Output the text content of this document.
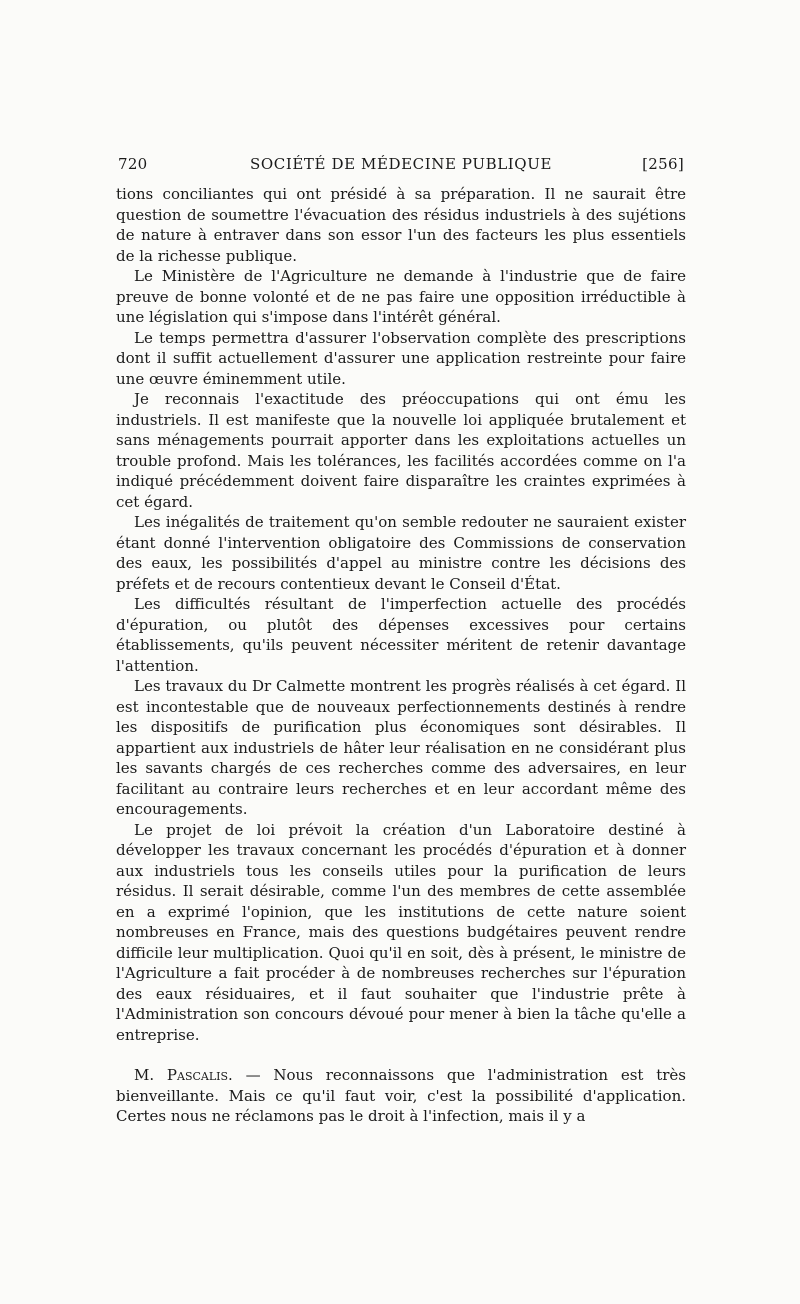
720	SOCIÉTÉ DE MÉDECINE PUBLIQUE	[256]

tions conciliantes qui ont présidé à sa préparation. Il ne saurait être question de soumettre l'évacuation des résidus industriels à des sujétions de nature à entraver dans son essor l'un des facteurs les plus essentiels de la richesse publique.

Le Ministère de l'Agriculture ne demande à l'industrie que de faire preuve de bonne volonté et de ne pas faire une opposition irréductible à une législation qui s'impose dans l'intérêt général.

Le temps permettra d'assurer l'observation complète des prescriptions dont il suffit actuellement d'assurer une application restreinte pour faire une œuvre éminemment utile.

Je reconnais l'exactitude des préoccupations qui ont ému les industriels. Il est manifeste que la nouvelle loi appliquée brutalement et sans ménagements pourrait apporter dans les exploitations actuelles un trouble profond. Mais les tolérances, les facilités accordées comme on l'a indiqué précédemment doivent faire disparaître les craintes exprimées à cet égard.

Les inégalités de traitement qu'on semble redouter ne sauraient exister étant donné l'intervention obligatoire des Commissions de conservation des eaux, les possibilités d'appel au ministre contre les décisions des préfets et de recours contentieux devant le Conseil d'État.

Les difficultés résultant de l'imperfection actuelle des procédés d'épuration, ou plutôt des dépenses excessives pour certains établissements, qu'ils peuvent nécessiter méritent de retenir davantage l'attention.

Les travaux du Dr Calmette montrent les progrès réalisés à cet égard. Il est incontestable que de nouveaux perfectionnements destinés à rendre les dispositifs de purification plus économiques sont désirables. Il appartient aux industriels de hâter leur réalisation en ne considérant plus les savants chargés de ces recherches comme des adversaires, en leur facilitant au contraire leurs recherches et en leur accordant même des encouragements.

Le projet de loi prévoit la création d'un Laboratoire destiné à développer les travaux concernant les procédés d'épuration et à donner aux industriels tous les conseils utiles pour la purification de leurs résidus. Il serait désirable, comme l'un des membres de cette assemblée en a exprimé l'opinion, que les institutions de cette nature soient nombreuses en France, mais des questions budgétaires peuvent rendre difficile leur multiplication. Quoi qu'il en soit, dès à présent, le ministre de l'Agriculture a fait procéder à de nombreuses recherches sur l'épuration des eaux résiduaires, et il faut souhaiter que l'industrie prête à l'Administration son concours dévoué pour mener à bien la tâche qu'elle a entreprise.

M. Pascalis. — Nous reconnaissons que l'administration est très bienveillante. Mais ce qu'il faut voir, c'est la possibilité d'application. Certes nous ne réclamons pas le droit à l'infection, mais il y a
